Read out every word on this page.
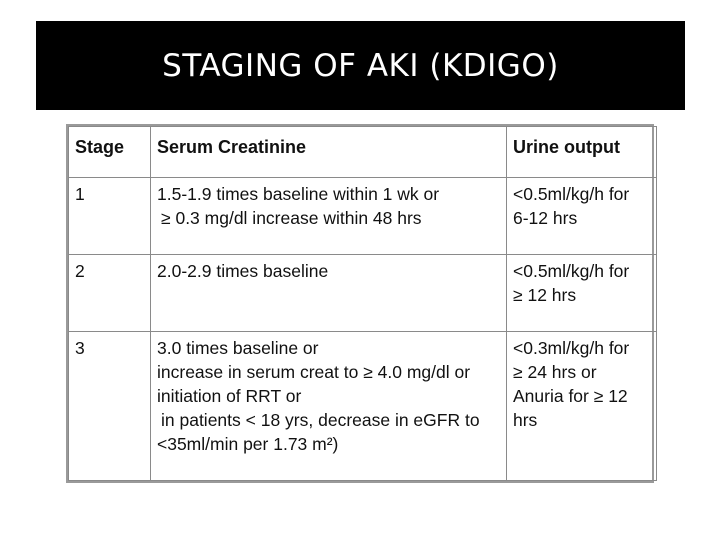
STAGING OF AKI (KDIGO)
Stage	Serum Creatinine	Urine output
1	1.5-1.9 times baseline within 1 wk or
≥ 0.3 mg/dl increase within 48 hrs	<0.5ml/kg/h for
6-12 hrs

2	2.0-2.9 times baseline	<0.5ml/kg/h for
≥ 12 hrs

3	3.0 times baseline or
increase in serum creat to ≥ 4.0 mg/dl or
initiation of RRT or
in patients < 18 yrs, decrease in eGFR to
<35ml/min per 1.73 m²)	<0.3ml/kg/h for
≥ 24 hrs or
Anuria for ≥ 12
hrs
